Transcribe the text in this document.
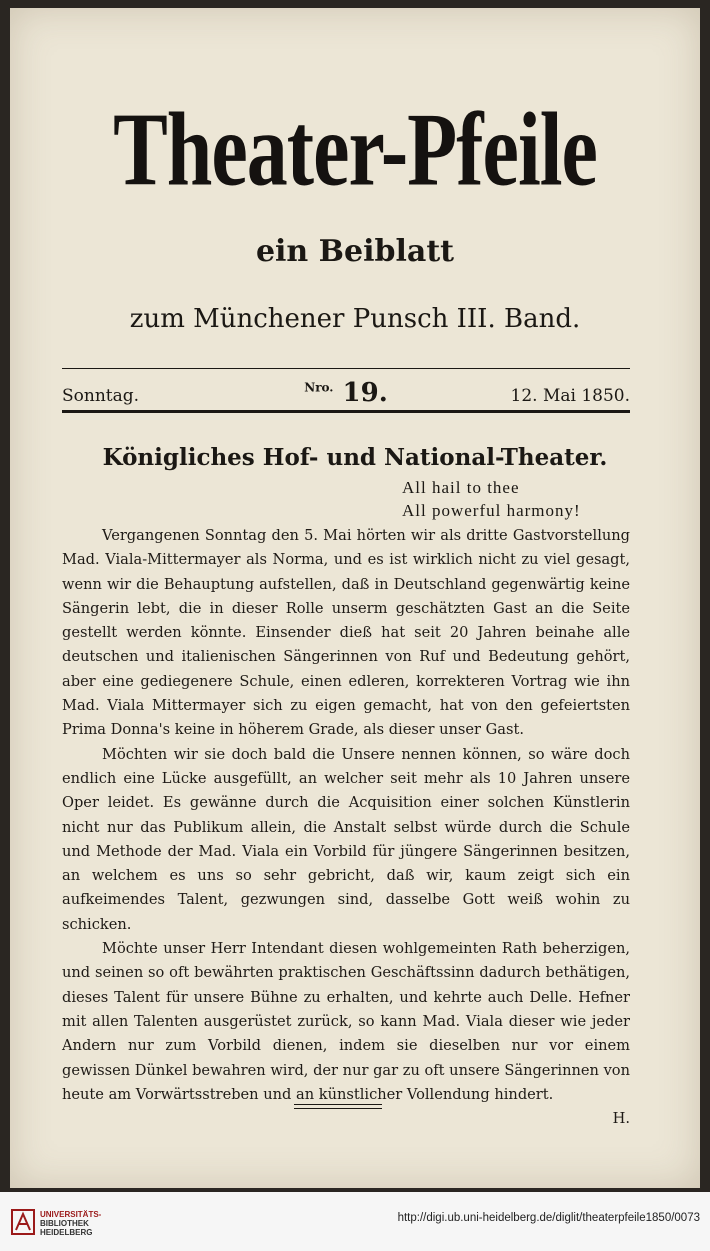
Theater-Pfeile
ein Beiblatt
zum Münchener Punsch III. Band.
Sonntag.	$^{Nro.}$ 19.	12. Mai 1850.
Königliches Hof- und National-Theater.
All hail to thee
All powerful harmony!

Vergangenen Sonntag den 5. Mai hörten wir als dritte Gastvorstellung Mad. Viala-Mittermayer als Norma, und es ist wirklich nicht zu viel gesagt, wenn wir die Behauptung aufstellen, daß in Deutschland gegenwärtig keine Sängerin lebt, die in dieser Rolle unserm geschätzten Gast an die Seite gestellt werden könnte. Einsender dieß hat seit 20 Jahren beinahe alle deutschen und italienischen Sängerinnen von Ruf und Bedeutung gehört, aber eine gediegenere Schule, einen edleren, korrekteren Vortrag wie ihn Mad. Viala Mittermayer sich zu eigen gemacht, hat von den gefeiertsten Prima Donna's keine in höherem Grade, als dieser unser Gast.

Möchten wir sie doch bald die Unsere nennen können, so wäre doch endlich eine Lücke ausgefüllt, an welcher seit mehr als 10 Jahren unsere Oper leidet. Es gewänne durch die Acquisition einer solchen Künstlerin nicht nur das Publikum allein, die Anstalt selbst würde durch die Schule und Methode der Mad. Viala ein Vorbild für jüngere Sängerinnen besitzen, an welchem es uns so sehr gebricht, daß wir, kaum zeigt sich ein aufkeimendes Talent, gezwungen sind, dasselbe Gott weiß wohin zu schicken.

Möchte unser Herr Intendant diesen wohlgemeinten Rath beherzigen, und seinen so oft bewährten praktischen Geschäftssinn dadurch bethätigen, dieses Talent für unsere Bühne zu erhalten, und kehrte auch Delle. Hefner mit allen Talenten ausgerüstet zurück, so kann Mad. Viala dieser wie jeder Andern nur zum Vorbild dienen, indem sie dieselben nur vor einem gewissen Dünkel bewahren wird, der nur gar zu oft unsere Sängerinnen von heute am Vorwärtsstreben und an künstlicher Vollendung hindert.

H.
UNIVERSITÄTS-
BIBLIOTHEK
HEIDELBERG
http://digi.ub.uni-heidelberg.de/diglit/theaterpfeile1850/0073
